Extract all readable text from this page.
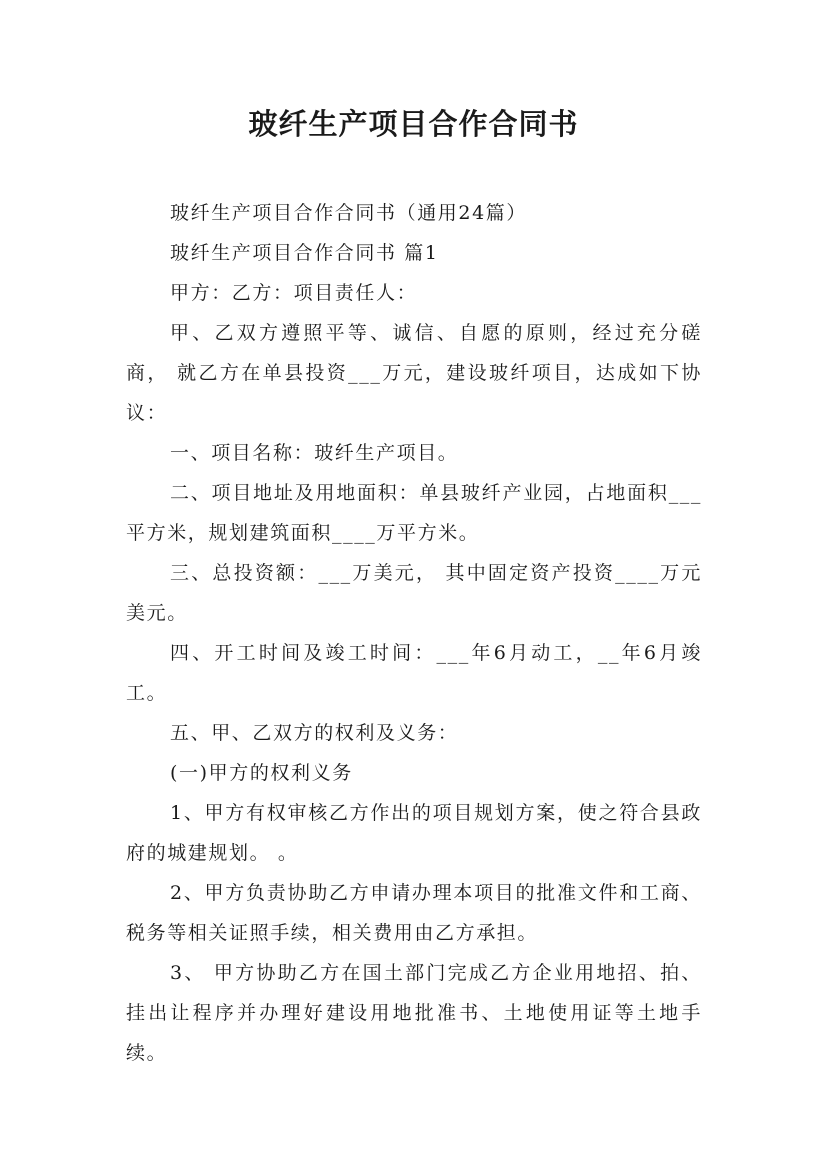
玻纤生产项目合作合同书

玻纤生产项目合作合同书（通用24篇）

玻纤生产项目合作合同书 篇1

甲方：乙方：项目责任人：

甲、乙双方遵照平等、诚信、自愿的原则，经过充分磋商， 就乙方在单县投资___万元，建设玻纤项目，达成如下协议：

一、项目名称：玻纤生产项目。

二、项目地址及用地面积：单县玻纤产业园，占地面积___平方米，规划建筑面积____万平方米。

三、总投资额：___万美元， 其中固定资产投资____万元美元。

四、开工时间及竣工时间：___年6月动工，__年6月竣工。

五、甲、乙双方的权利及义务：

(一)甲方的权利义务

1、甲方有权审核乙方作出的项目规划方案，使之符合县政府的城建规划。 。

2、甲方负责协助乙方申请办理本项目的批准文件和工商、税务等相关证照手续，相关费用由乙方承担。

3、 甲方协助乙方在国土部门完成乙方企业用地招、拍、挂出让程序并办理好建设用地批准书、土地使用证等土地手续。
